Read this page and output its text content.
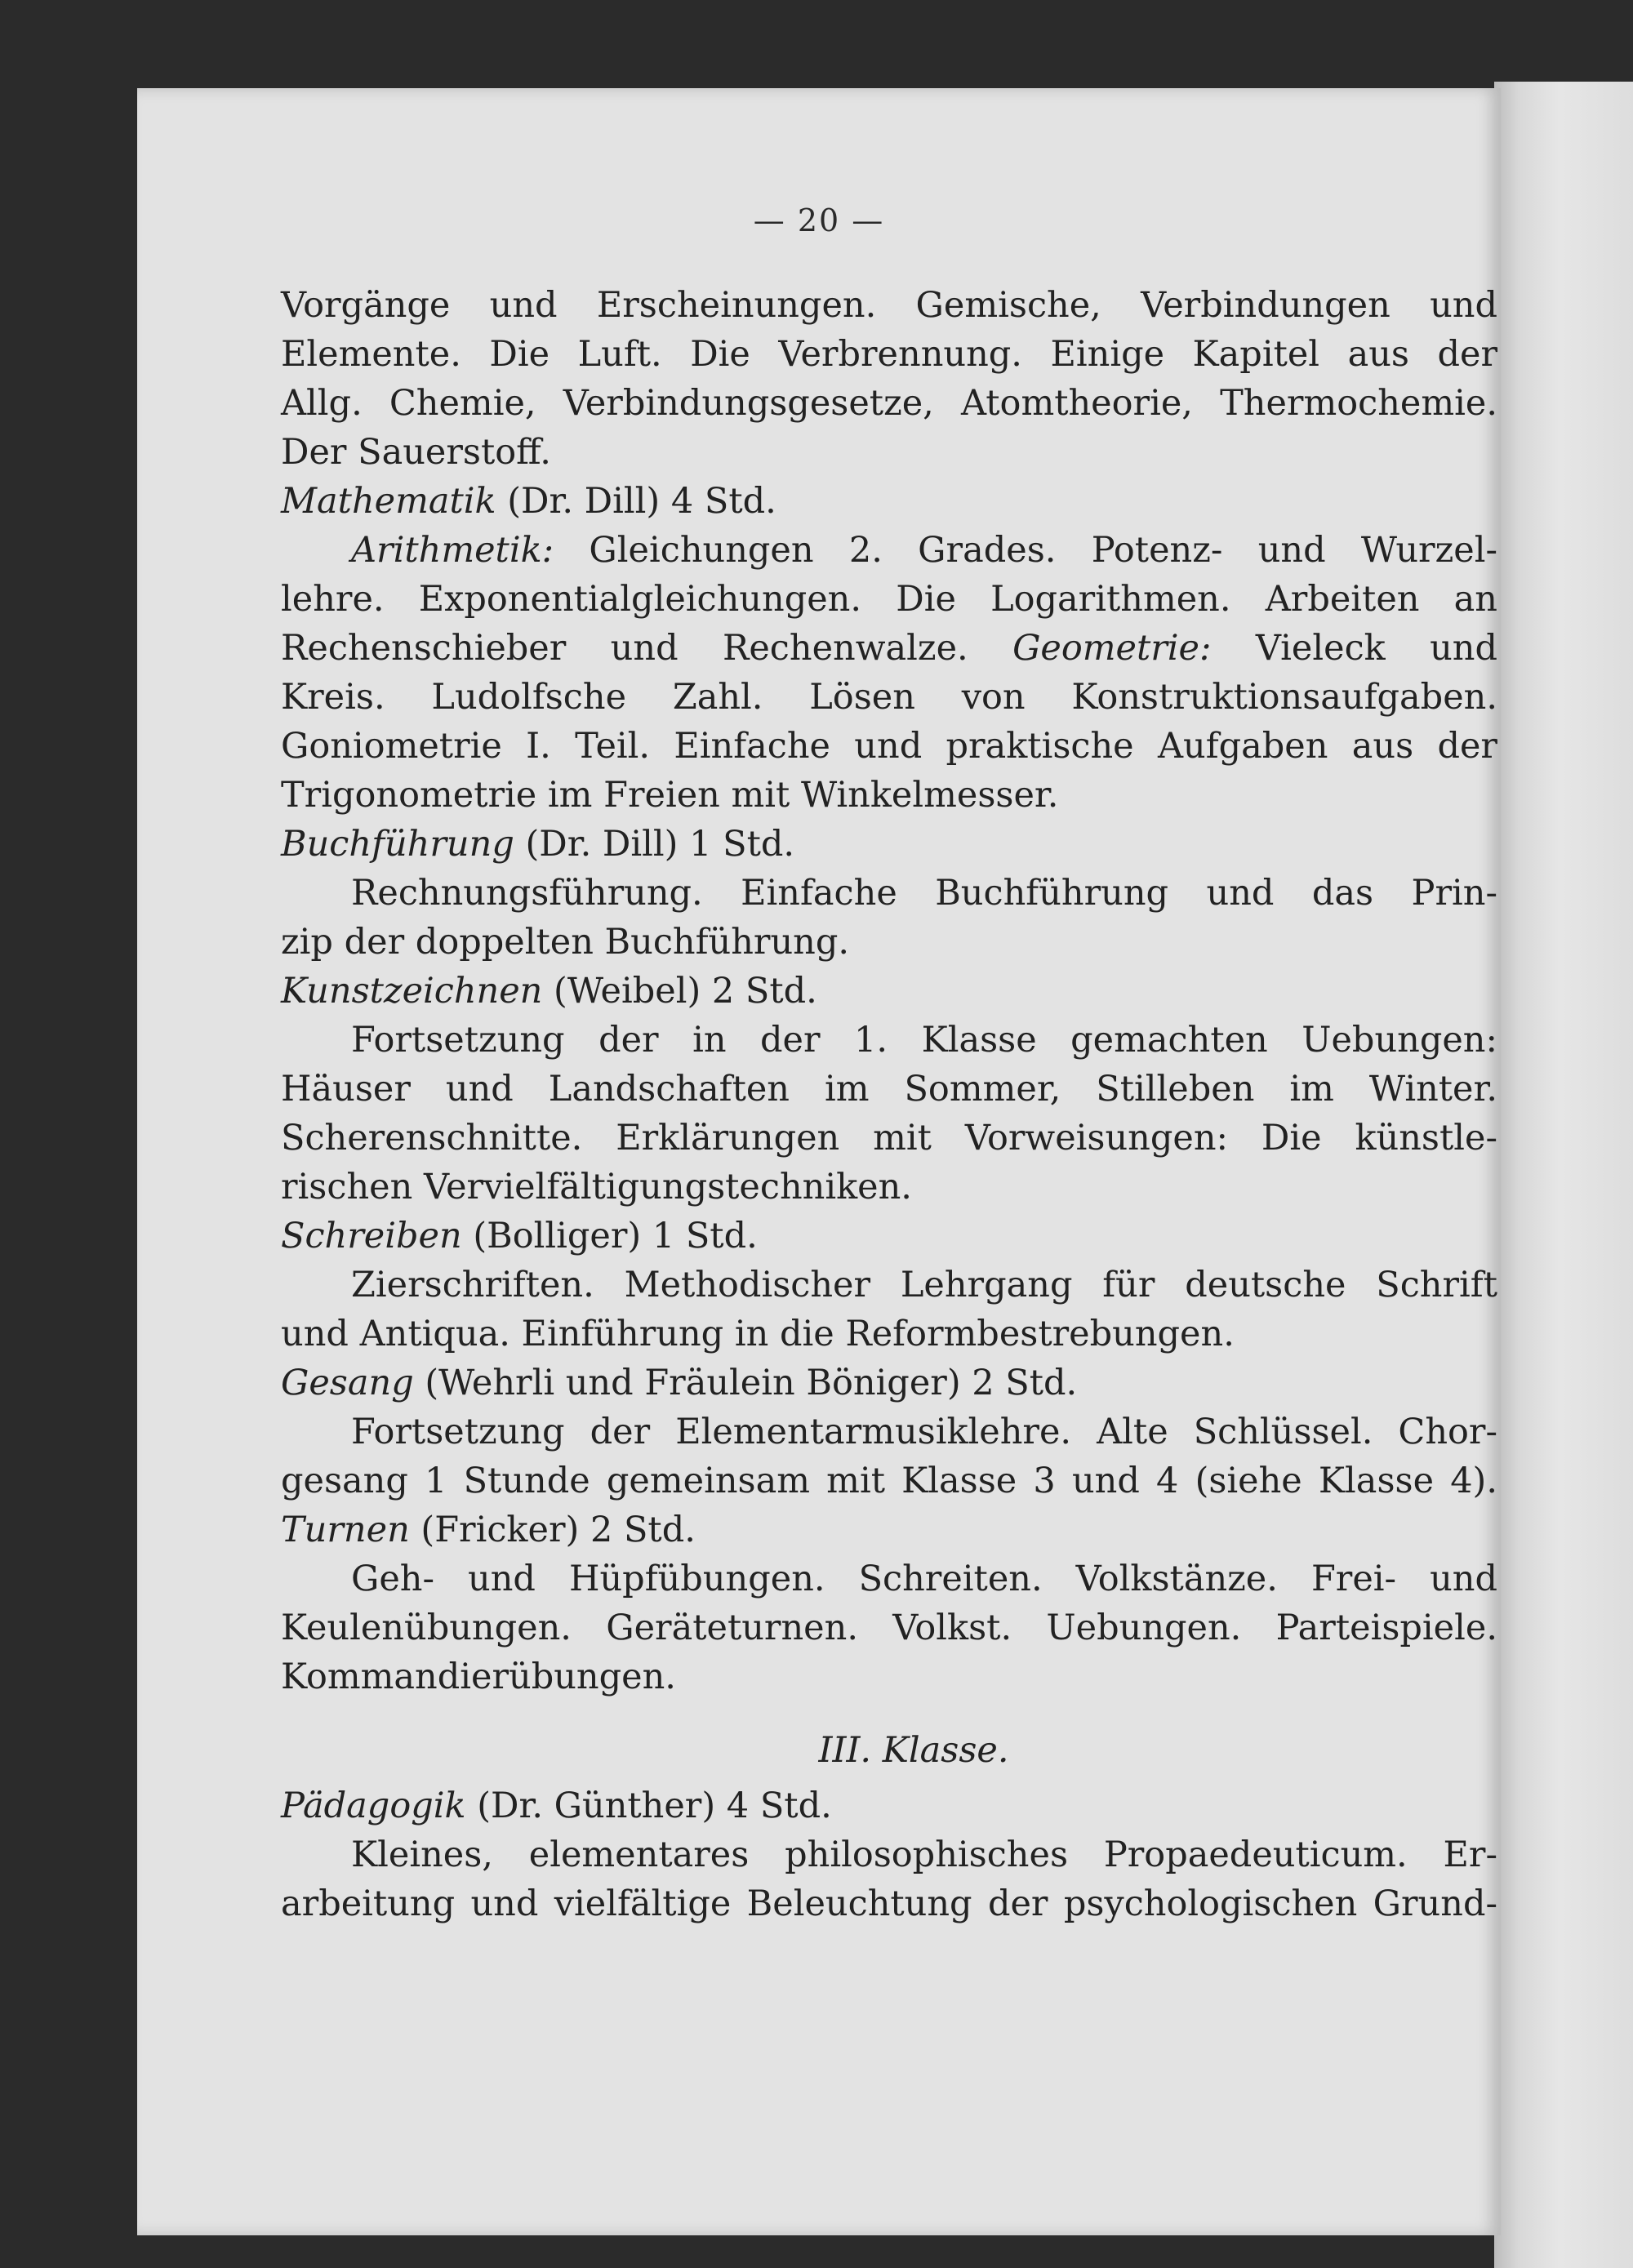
— 20 —
Vorgänge und Erscheinungen. Gemische, Verbindungen und
Elemente. Die Luft. Die Verbrennung. Einige Kapitel aus der
Allg. Chemie, Verbindungsgesetze, Atomtheorie, Thermochemie.
Der Sauerstoff.
Mathematik (Dr. Dill) 4 Std.
Arithmetik: Gleichungen 2. Grades. Potenz- und Wurzel-
lehre. Exponentialgleichungen. Die Logarithmen. Arbeiten an
Rechenschieber und Rechenwalze. Geometrie: Vieleck und
Kreis. Ludolfsche Zahl. Lösen von Konstruktionsaufgaben.
Goniometrie I. Teil. Einfache und praktische Aufgaben aus der
Trigonometrie im Freien mit Winkelmesser.
Buchführung (Dr. Dill) 1 Std.
Rechnungsführung. Einfache Buchführung und das Prin-
zip der doppelten Buchführung.
Kunstzeichnen (Weibel) 2 Std.
Fortsetzung der in der 1. Klasse gemachten Uebungen:
Häuser und Landschaften im Sommer, Stilleben im Winter.
Scherenschnitte. Erklärungen mit Vorweisungen: Die künstle-
rischen Vervielfältigungstechniken.
Schreiben (Bolliger) 1 Std.
Zierschriften. Methodischer Lehrgang für deutsche Schrift
und Antiqua. Einführung in die Reformbestrebungen.
Gesang (Wehrli und Fräulein Böniger) 2 Std.
Fortsetzung der Elementarmusiklehre. Alte Schlüssel. Chor-
gesang 1 Stunde gemeinsam mit Klasse 3 und 4 (siehe Klasse 4).
Turnen (Fricker) 2 Std.
Geh- und Hüpfübungen. Schreiten. Volkstänze. Frei- und
Keulenübungen. Geräteturnen. Volkst. Uebungen. Parteispiele.
Kommandierübungen.
III. Klasse.
Pädagogik (Dr. Günther) 4 Std.
Kleines, elementares philosophisches Propaedeuticum. Er-
arbeitung und vielfältige Beleuchtung der psychologischen Grund-
